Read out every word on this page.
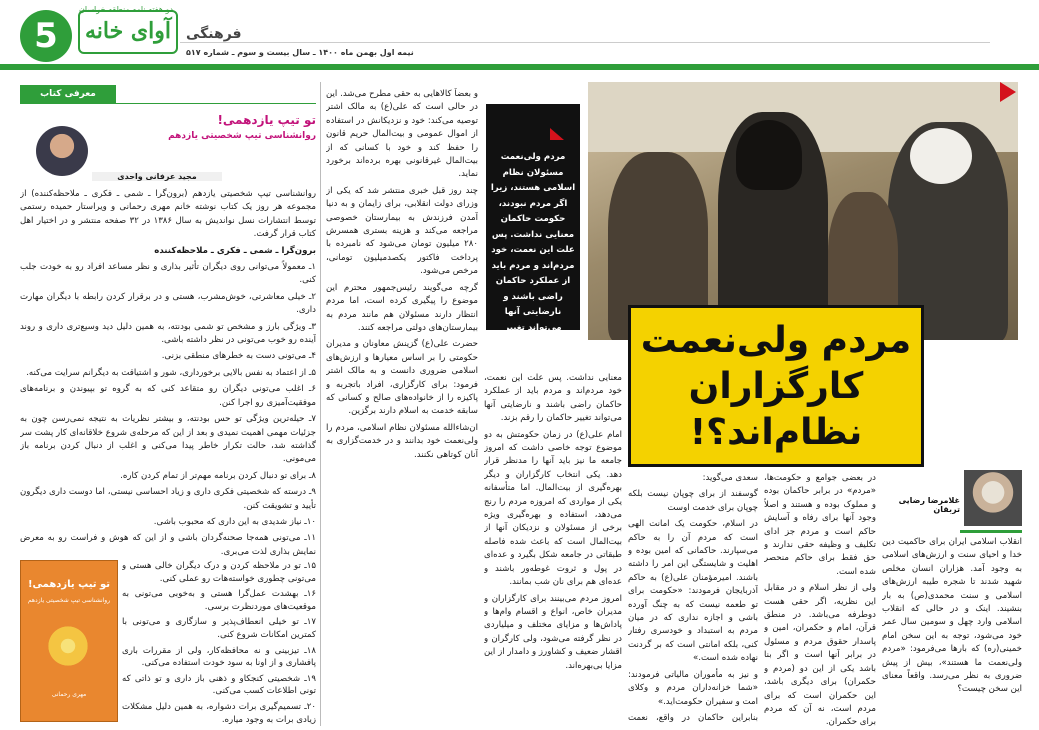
5
دو هفته نامه منطقه خراسان
آوای خانه	فرهنگی
نیمه اول بهمن ماه ۱۴۰۰ ـ سال بیست و سوم ـ شماره ۵۱۷
معرفی کتاب
تو تیپ یازدهمی!
روانشناسی تیپ شخصیتی یازدهم
مجید عرفانی واحدی

روانشناسی تیپ شخصیتی یازدهم (برون‌گرا ـ شمی ـ فکری ـ ملاحظه‌کننده) از مجموعه هر روز یک کتاب نوشته خانم مهری رحمانی و ویراستار حمیده رستمی توسط انتشارات نسل نواندیش به سال ۱۳۸۶ در ۳۲ صفحه منتشر و در اختیار اهل کتاب قرار گرفت.

برون‌گرا ـ شمی ـ فکری ـ ملاحظه‌کننده

۱ـ معمولاً می‌توانی روی دیگران تأثیر بذاری و نظر مساعد افراد رو به خودت جلب کنی.

۲ـ خیلی معاشرتی، خوش‌مشرب، هستی و در برقرار کردن رابطه با دیگران مهارت داری.

۳ـ ویژگی بارز و مشخص تو شمی بودنته، به همین دلیل دید وسیع‌تری داری و روند آینده رو خوب می‌تونی در نظر داشته باشی.

۴ـ می‌تونی دست به خطرهای منطقی بزنی.

۵ـ از اعتماد به نفس بالایی برخورداری، شور و اشتیاقت به دیگرانم سرایت می‌کنه.

۶ـ اغلب می‌تونی دیگران رو متقاعد کنی که به گروه تو بپیوندن و برنامه‌های موفقیت‌آمیزی رو اجرا کنن.

۷ـ حیله‌ترین ویژگی تو حس بودنته، و بیشتر نظریات به نتیجه نمی‌رسن چون به جزئیات مهمی اهمیت نمیدی و بعد از این که مرحله‌ی شروع خلاقانه‌ای کار پشت سر گذاشته شد، حالت تکرار خاطر پیدا می‌کنی و اغلب از دنبال کردن برنامه باز می‌مونی.

۸ـ برای تو دنبال کردن برنامه مهم‌تر از تمام کردن کاره.

۹ـ درسته که شخصیتی فکری داری و زیاد احساسی نیستی، اما دوست داری دیگرون تأیید و تشویقت کنن.

۱۰ـ نیاز شدیدی به این داری که محبوب باشی.

۱۱ـ می‌تونی همه‌جا صحنه‌گردان باشی و از این که هوش و فراست رو به معرض نمایش بذاری لذت می‌بری.

۱۵ـ تو در ملاحظه کردن و درک دیگران خالی هستی و می‌تونی چطوری خواسته‌هات رو عملی کنی.

۱۶ـ بهشدت عمل‌گرا هستی و به‌خوبی می‌تونی به موقعیت‌های موردنظرت برسی.

۱۷ـ تو خیلی انعطاف‌پذیر و سازگاری و می‌تونی با کمترین امکانات شروع کنی.

۱۸ـ تیزبینی و نه محافظه‌کار، ولی از مقررات باری پافشاری و از اونا به سود خودت استفاده می‌کنی.

۱۹ـ شخصیتی کنجکاو و ذهنی باز داری و تو ذاتی که تونی اطلاعات کسب می‌کنی.

۲۰ـ تسمیم‌گیری برات دشواره، به همین دلیل مشکلات زیادی برات به وجود میاره.

تو تیپ یازدهمی!
روانشناسی تیپ شخصیتی یازدهم
مهری رحمانی

و بعضاً کالاهایی به حقی مطرح می‌شد. این در حالی است که علی(ع) به مالک اشتر توصیه می‌کند: خود و نزدیکانش در استفاده از اموال عمومی و بیت‌المال حریم قانون را حفظ کند و خود با کسانی که از بیت‌المال غیرقانونی بهره برده‌اند برخورد نماید.

چند روز قبل خبری منتشر شد که یکی از وزرای دولت انقلابی، برای زایمان و به دنیا آمدن فرزندش به بیمارستان خصوصی مراجعه می‌کند و هزینه بستری همسرش ۲۸۰ میلیون تومان می‌شود که نامبرده با پرداخت فاکتور یکصدمیلیون تومانی، مرخص می‌شود.

گرچه می‌گویند رئیس‌جمهور محترم این موضوع را پیگیری کرده است، اما مردم انتظار دارند مسئولان هم مانند مردم به بیمارستان‌های دولتی مراجعه کنند.

حضرت علی(ع) گزینش معاونان و مدیران حکومتی را بر اساس معیارها و ارزش‌های اسلامی ضروری دانست و به مالک اشتر فرمود: برای کارگزاری، افراد باتجربه و پاکیزه را از خانواده‌های صالح و کسانی که سابقه خدمت به اسلام دارند برگزین.

ان‌شاءالله مسئولان نظام اسلامی، مردم را ولی‌نعمت خود بدانند و در خدمت‌گزاری به آنان کوتاهی نکنند.

معنایی نداشت. پس علت این نعمت، خود مردم‌اند و مردم باید از عملکرد حاکمان راضی باشند و نارضایتی آنها می‌تواند تغییر حاکمان را رقم بزند.

امام علی(ع) در زمان حکومتش به دو موضوع توجه خاصی داشت که امروز جامعه ما نیز باید آنها را مدنظر قرار دهد. یکی انتخاب کارگزاران و دیگر بهره‌گیری از بیت‌المال. اما متأسفانه یکی از مواردی که امروزه مردم را رنج می‌دهد، استفاده و بهره‌گیری ویژه برخی از مسئولان و نزدیکان آنها از بیت‌المال است که باعث شده فاصله طبقاتی در جامعه شکل بگیرد و عده‌ای در پول و ثروت غوطه‌ور باشند و عده‌ای هم برای نان شب بمانند.

امروز مردم می‌بینند برای کارگزاران و مدیران خاص، انواع و اقسام وام‌ها و پاداش‌ها و مزایای مختلف و میلیاردی در نظر گرفته می‌شود، ولی کارگران و اقشار ضعیف و کشاورز و دامدار از این مزایا بی‌بهره‌اند.

سعدی می‌گوید:

گوسفند از برای چوپان نیست بلکه چوپان برای خدمت اوست

در اسلام، حکومت یک امانت الهی است که مردم آن را به حاکم می‌سپارند. حاکمانی که امین بوده و اهلیت و شایستگی این امر را داشته باشند. امیرمؤمنان علی(ع) به حاکم آذربایجان فرمودند: «حکومت برای تو طعمه نیست که به چنگ آورده باشی و اجازه نداری که در میان مردم به استبداد و خودسری رفتار کنی، بلکه امانتی است که بر گردنت نهاده شده است.»

و نیز به مأموران مالیاتی فرمودند: «شما خزانه‌داران مردم و وکلای امت و سفیران حکومت‌اید.»

بنابراین حاکمان در واقع، نعمت

در بعضی جوامع و حکومت‌ها، «مردم» در برابر حاکمان بوده و مملوک بوده و هستند و اصلاً وجود آنها برای رفاه و آسایش حاکم است و مردم جز ادای تکلیف و وظیفه حقی ندارند و حق فقط برای حاکم منحصر شده است.

ولی از نظر اسلام و در مقابل این نظریه، اگر حقی هست دوطرفه می‌باشد. در منطق قرآن، امام و حکمران، امین و پاسدار حقوق مردم و مسئول در برابر آنها است و اگر بنا باشد یکی از این دو (مردم و حکمران) برای دیگری باشد، این حکمران است که برای مردم است، نه آن که مردم برای حکمران.

انقلاب اسلامی ایران برای حاکمیت دین خدا و احیای سنت و ارزش‌های اسلامی به وجود آمد. هزاران انسان مخلص شهید شدند تا شجره طیبه ارزش‌های اسلامی و سنت محمدی(ص) به بار بنشیند. اینک و در حالی که انقلاب اسلامی وارد چهل و سومین سال عمر خود می‌شود، توجه به این سخن امام خمینی(ره) که بارها می‌فرمود: «مردم ولی‌نعمت ما هستند»، بیش از پیش ضروری به نظر می‌رسد. واقعاً معنای این سخن چیست؟

مردم ولی‌نعمت مسئولان نظام اسلامی هستند، زیرا اگر مردم نبودند، حکومت حاکمان معنایی نداشت. پس علت این نعمت، خود مردم‌اند و مردم باید از عملکرد حاکمان راضی باشند و نارضایتی آنها می‌تواند تغییر حاکمان را رقم بزند. مردم ولی‌نعمت کارگزاران نظام‌اند؟!
غلامرضا رضایی تربقان
